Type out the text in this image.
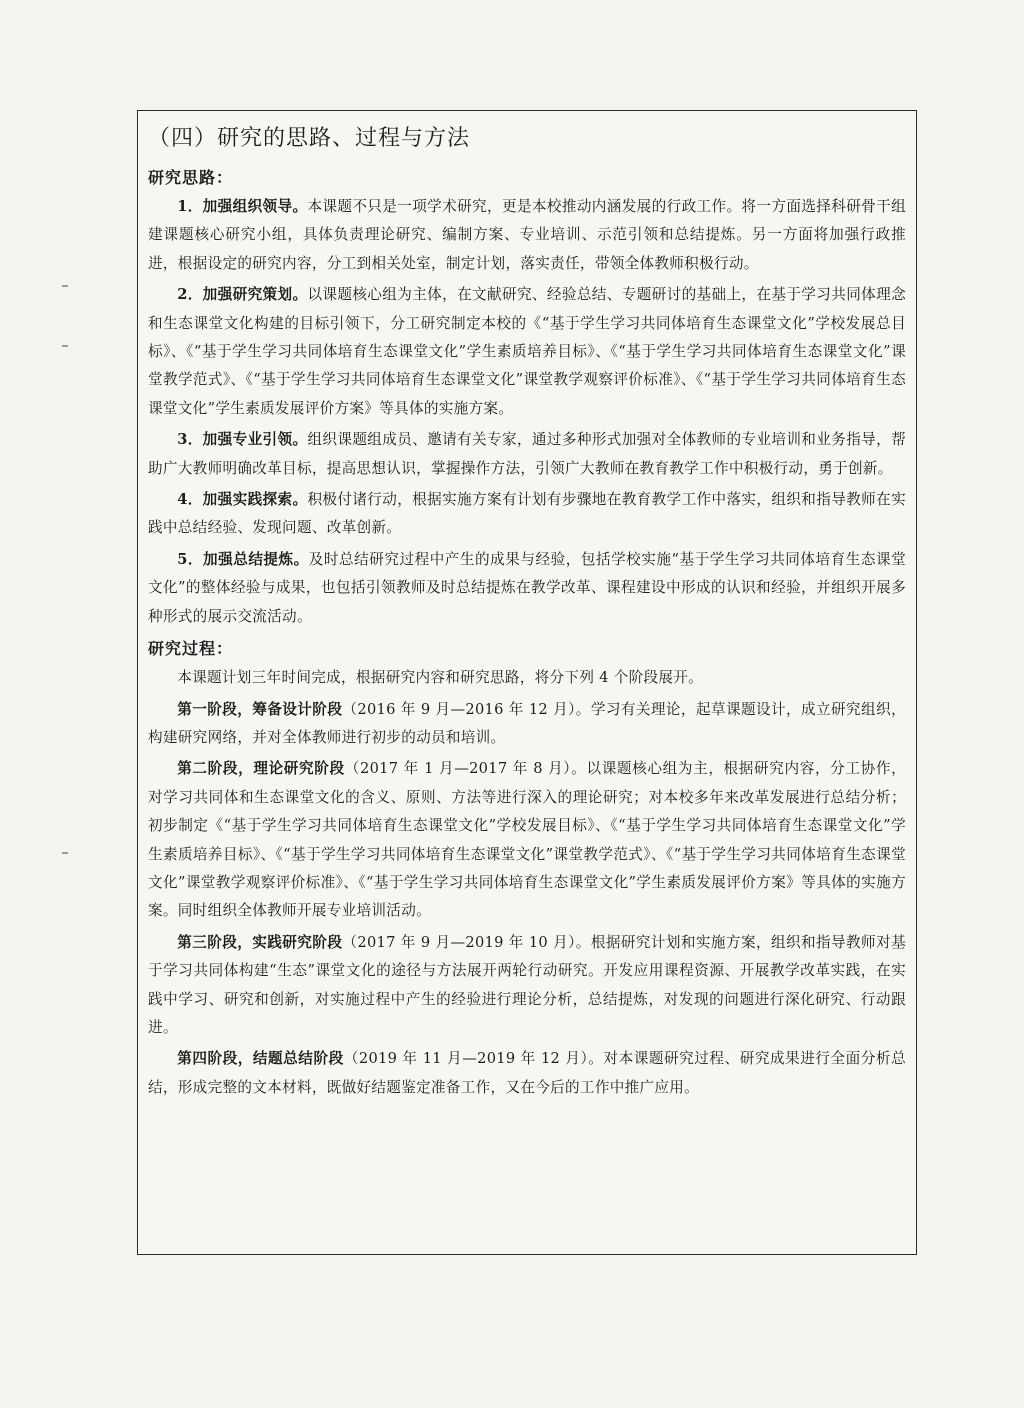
（四）研究的思路、过程与方法
研究思路：

1．加强组织领导。本课题不只是一项学术研究，更是本校推动内涵发展的行政工作。将一方面选择科研骨干组建课题核心研究小组，具体负责理论研究、编制方案、专业培训、示范引领和总结提炼。另一方面将加强行政推进，根据设定的研究内容，分工到相关处室，制定计划，落实责任，带领全体教师积极行动。

2．加强研究策划。以课题核心组为主体，在文献研究、经验总结、专题研讨的基础上，在基于学习共同体理念和生态课堂文化构建的目标引领下，分工研究制定本校的《“基于学生学习共同体培育生态课堂文化”学校发展总目标》、《“基于学生学习共同体培育生态课堂文化”学生素质培养目标》、《“基于学生学习共同体培育生态课堂文化”课堂教学范式》、《“基于学生学习共同体培育生态课堂文化”课堂教学观察评价标准》、《“基于学生学习共同体培育生态课堂文化”学生素质发展评价方案》等具体的实施方案。

3．加强专业引领。组织课题组成员、邀请有关专家，通过多种形式加强对全体教师的专业培训和业务指导，帮助广大教师明确改革目标，提高思想认识，掌握操作方法，引领广大教师在教育教学工作中积极行动，勇于创新。

4．加强实践探索。积极付诸行动，根据实施方案有计划有步骤地在教育教学工作中落实，组织和指导教师在实践中总结经验、发现问题、改革创新。

5．加强总结提炼。及时总结研究过程中产生的成果与经验，包括学校实施“基于学生学习共同体培育生态课堂文化”的整体经验与成果，也包括引领教师及时总结提炼在教学改革、课程建设中形成的认识和经验，并组织开展多种形式的展示交流活动。

研究过程：

本课题计划三年时间完成，根据研究内容和研究思路，将分下列 4 个阶段展开。

第一阶段，筹备设计阶段（2016 年 9 月—2016 年 12 月）。学习有关理论，起草课题设计，成立研究组织，构建研究网络，并对全体教师进行初步的动员和培训。

第二阶段，理论研究阶段（2017 年 1 月—2017 年 8 月）。以课题核心组为主，根据研究内容，分工协作，对学习共同体和生态课堂文化的含义、原则、方法等进行深入的理论研究；对本校多年来改革发展进行总结分析；初步制定《“基于学生学习共同体培育生态课堂文化”学校发展目标》、《“基于学生学习共同体培育生态课堂文化”学生素质培养目标》、《“基于学生学习共同体培育生态课堂文化”课堂教学范式》、《“基于学生学习共同体培育生态课堂文化”课堂教学观察评价标准》、《“基于学生学习共同体培育生态课堂文化”学生素质发展评价方案》等具体的实施方案。同时组织全体教师开展专业培训活动。

第三阶段，实践研究阶段（2017 年 9 月—2019 年 10 月）。根据研究计划和实施方案，组织和指导教师对基于学习共同体构建“生态”课堂文化的途径与方法展开两轮行动研究。开发应用课程资源、开展教学改革实践，在实践中学习、研究和创新，对实施过程中产生的经验进行理论分析，总结提炼，对发现的问题进行深化研究、行动跟进。

第四阶段，结题总结阶段（2019 年 11 月—2019 年 12 月）。对本课题研究过程、研究成果进行全面分析总结，形成完整的文本材料，既做好结题鉴定准备工作，又在今后的工作中推广应用。
